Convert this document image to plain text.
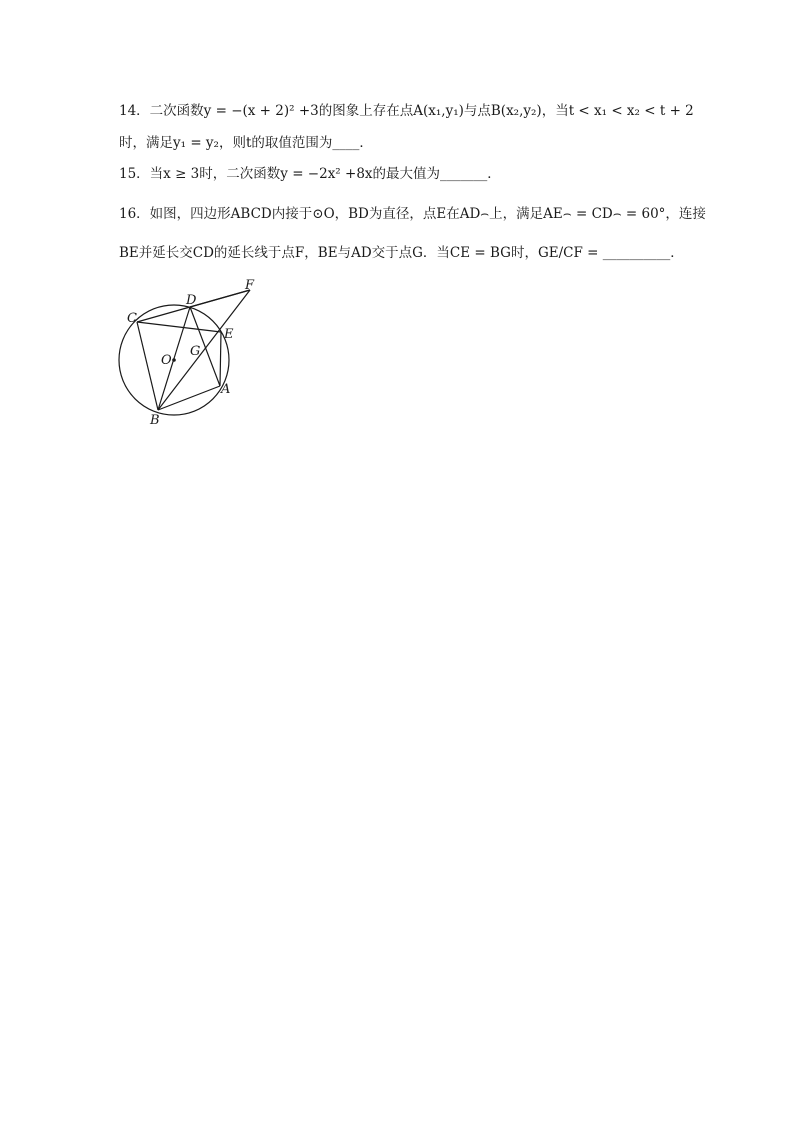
14．二次函数y = −(x + 2)² +3的图象上存在点A(x₁,y₁)与点B(x₂,y₂)，当t < x₁ < x₂ < t + 2
时，满足y₁ = y₂，则t的取值范围为____．
15．当x ≥ 3时，二次函数y = −2x² +8x的最大值为_______．
16．如图，四边形ABCD内接于⊙O，BD为直径，点E在AD⌢上，满足AE⌢ = CD⌢ = 60°，连接
BE并延长交CD的延长线于点F，BE与AD交于点G．当CE = BG时，GE/CF = __________．
C
D
F
E
O
G
A
B
